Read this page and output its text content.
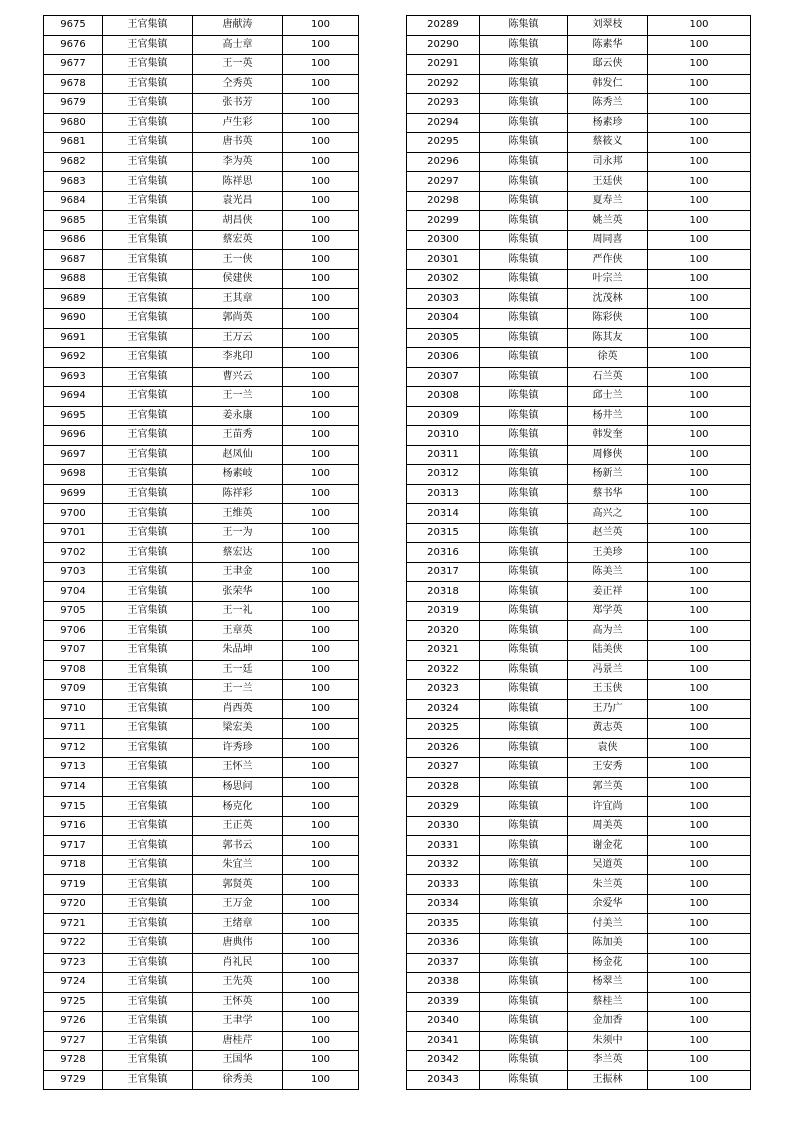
9675	王官集镇	唐献涛	100
9676	王官集镇	高士章	100
9677	王官集镇	王一英	100
9678	王官集镇	仝秀英	100
9679	王官集镇	张书芳	100
9680	王官集镇	卢生彩	100
9681	王官集镇	唐书英	100
9682	王官集镇	李为英	100
9683	王官集镇	陈祥思	100
9684	王官集镇	袁光昌	100
9685	王官集镇	胡昌侠	100
9686	王官集镇	蔡宏英	100
9687	王官集镇	王一侠	100
9688	王官集镇	侯建侠	100
9689	王官集镇	王其章	100
9690	王官集镇	郭尚英	100
9691	王官集镇	王万云	100
9692	王官集镇	李兆印	100
9693	王官集镇	曹兴云	100
9694	王官集镇	王一兰	100
9695	王官集镇	姜永康	100
9696	王官集镇	王苗秀	100
9697	王官集镇	赵凤仙	100
9698	王官集镇	杨素岐	100
9699	王官集镇	陈祥彩	100
9700	王官集镇	王维英	100
9701	王官集镇	王一为	100
9702	王官集镇	蔡宏达	100
9703	王官集镇	王聿金	100
9704	王官集镇	张荣华	100
9705	王官集镇	王一礼	100
9706	王官集镇	王章英	100
9707	王官集镇	朱品坤	100
9708	王官集镇	王一廷	100
9709	王官集镇	王一兰	100
9710	王官集镇	肖西英	100
9711	王官集镇	梁宏美	100
9712	王官集镇	许秀珍	100
9713	王官集镇	王怀兰	100
9714	王官集镇	杨思问	100
9715	王官集镇	杨克化	100
9716	王官集镇	王正英	100
9717	王官集镇	郭书云	100
9718	王官集镇	朱宜兰	100
9719	王官集镇	郭贤英	100
9720	王官集镇	王万金	100
9721	王官集镇	王绪章	100
9722	王官集镇	唐典伟	100
9723	王官集镇	肖礼民	100
9724	王官集镇	王先英	100
9725	王官集镇	王怀英	100
9726	王官集镇	王聿学	100
9727	王官集镇	唐桂芹	100
9728	王官集镇	王国华	100
9729	王官集镇	徐秀美	100
20289	陈集镇	刘翠枝	100
20290	陈集镇	陈素华	100
20291	陈集镇	邸云侠	100
20292	陈集镇	韩发仁	100
20293	陈集镇	陈秀兰	100
20294	陈集镇	杨素珍	100
20295	陈集镇	蔡筱义	100
20296	陈集镇	司永邦	100
20297	陈集镇	王廷侠	100
20298	陈集镇	夏寿兰	100
20299	陈集镇	姚兰英	100
20300	陈集镇	周同喜	100
20301	陈集镇	严作侠	100
20302	陈集镇	叶宗兰	100
20303	陈集镇	沈茂林	100
20304	陈集镇	陈彩侠	100
20305	陈集镇	陈其友	100
20306	陈集镇	徐英	100
20307	陈集镇	石兰英	100
20308	陈集镇	邱士兰	100
20309	陈集镇	杨井兰	100
20310	陈集镇	韩发奎	100
20311	陈集镇	周修侠	100
20312	陈集镇	杨新兰	100
20313	陈集镇	蔡书华	100
20314	陈集镇	高兴之	100
20315	陈集镇	赵兰英	100
20316	陈集镇	王美珍	100
20317	陈集镇	陈美兰	100
20318	陈集镇	姜正祥	100
20319	陈集镇	郑学英	100
20320	陈集镇	高为兰	100
20321	陈集镇	陆美侠	100
20322	陈集镇	冯景兰	100
20323	陈集镇	王玉侠	100
20324	陈集镇	王乃广	100
20325	陈集镇	黄志英	100
20326	陈集镇	袁侠	100
20327	陈集镇	王安秀	100
20328	陈集镇	郭兰英	100
20329	陈集镇	许宜尚	100
20330	陈集镇	周美英	100
20331	陈集镇	谢金花	100
20332	陈集镇	吴道英	100
20333	陈集镇	朱兰英	100
20334	陈集镇	余爱华	100
20335	陈集镇	付美兰	100
20336	陈集镇	陈加美	100
20337	陈集镇	杨金花	100
20338	陈集镇	杨翠兰	100
20339	陈集镇	蔡桂兰	100
20340	陈集镇	金加香	100
20341	陈集镇	朱须中	100
20342	陈集镇	李兰英	100
20343	陈集镇	王振林	100
